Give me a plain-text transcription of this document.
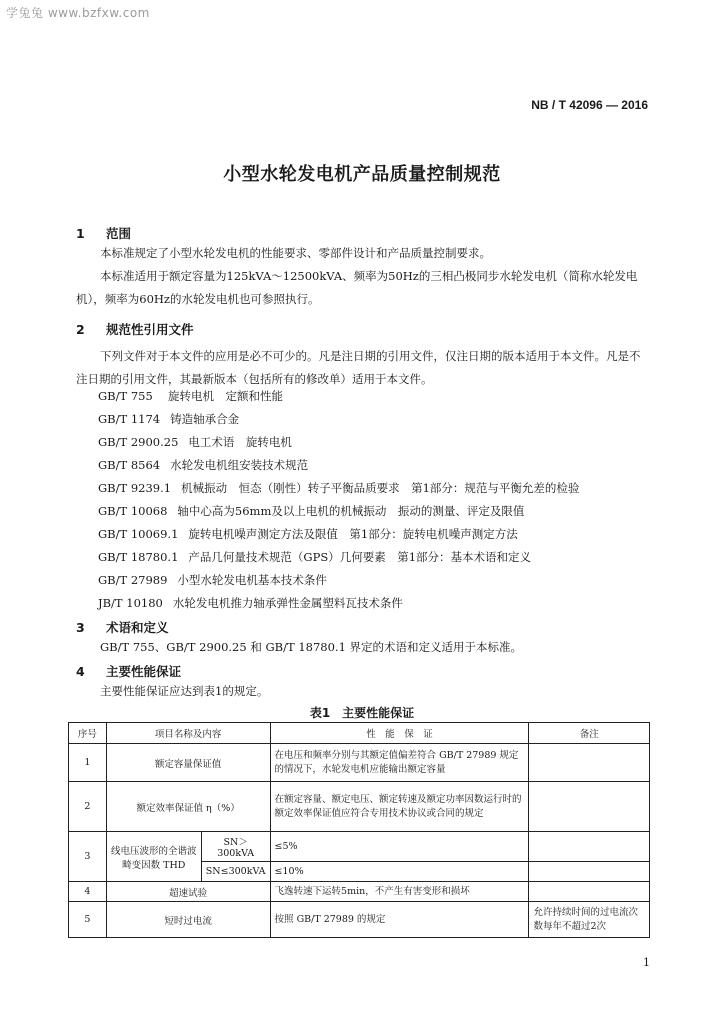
学兔兔 www.bzfxw.com
NB / T 42096 — 2016
小型水轮发电机产品质量控制规范
1 范围
本标准规定了小型水轮发电机的性能要求、零部件设计和产品质量控制要求。
本标准适用于额定容量为125kVA～12500kVA、频率为50Hz的三相凸极同步水轮发电机（简称水轮发电机），频率为60Hz的水轮发电机也可参照执行。
2 规范性引用文件
下列文件对于本文件的应用是必不可少的。凡是注日期的引用文件，仅注日期的版本适用于本文件。凡是不注日期的引用文件，其最新版本（包括所有的修改单）适用于本文件。
GB/T 755 旋转电机　定额和性能
GB/T 1174 铸造轴承合金
GB/T 2900.25 电工术语　旋转电机
GB/T 8564 水轮发电机组安装技术规范
GB/T 9239.1 机械振动　恒态（刚性）转子平衡品质要求　第1部分：规范与平衡允差的检验
GB/T 10068 轴中心高为56mm及以上电机的机械振动　振动的测量、评定及限值
GB/T 10069.1 旋转电机噪声测定方法及限值　第1部分：旋转电机噪声测定方法
GB/T 18780.1 产品几何量技术规范（GPS）几何要素　第1部分：基本术语和定义
GB/T 27989 小型水轮发电机基本技术条件
JB/T 10180 水轮发电机推力轴承弹性金属塑料瓦技术条件
3 术语和定义
GB/T 755、GB/T 2900.25 和 GB/T 18780.1 界定的术语和定义适用于本标准。
4 主要性能保证
主要性能保证应达到表1的规定。
表1　主要性能保证
序号	项目名称及内容		性　能　保　证	备注
1	额定容量保证值		在电压和频率分别与其额定值偏差符合 GB/T 27989 规定的情况下，水轮发电机应能输出额定容量	
2	额定效率保证值 η（%）		在额定容量、额定电压、额定转速及额定功率因数运行时的额定效率保证值应符合专用技术协议或合同的规定	
3	线电压波形的全谐波畸变因数 THD	SN＞300kVA	≤5%	
		SN≤300kVA	≤10%	
4	超速试验		飞逸转速下运转5min，不产生有害变形和损坏	
5	短时过电流		按照 GB/T 27989 的规定	允许持续时间的过电流次数每年不超过2次
1
